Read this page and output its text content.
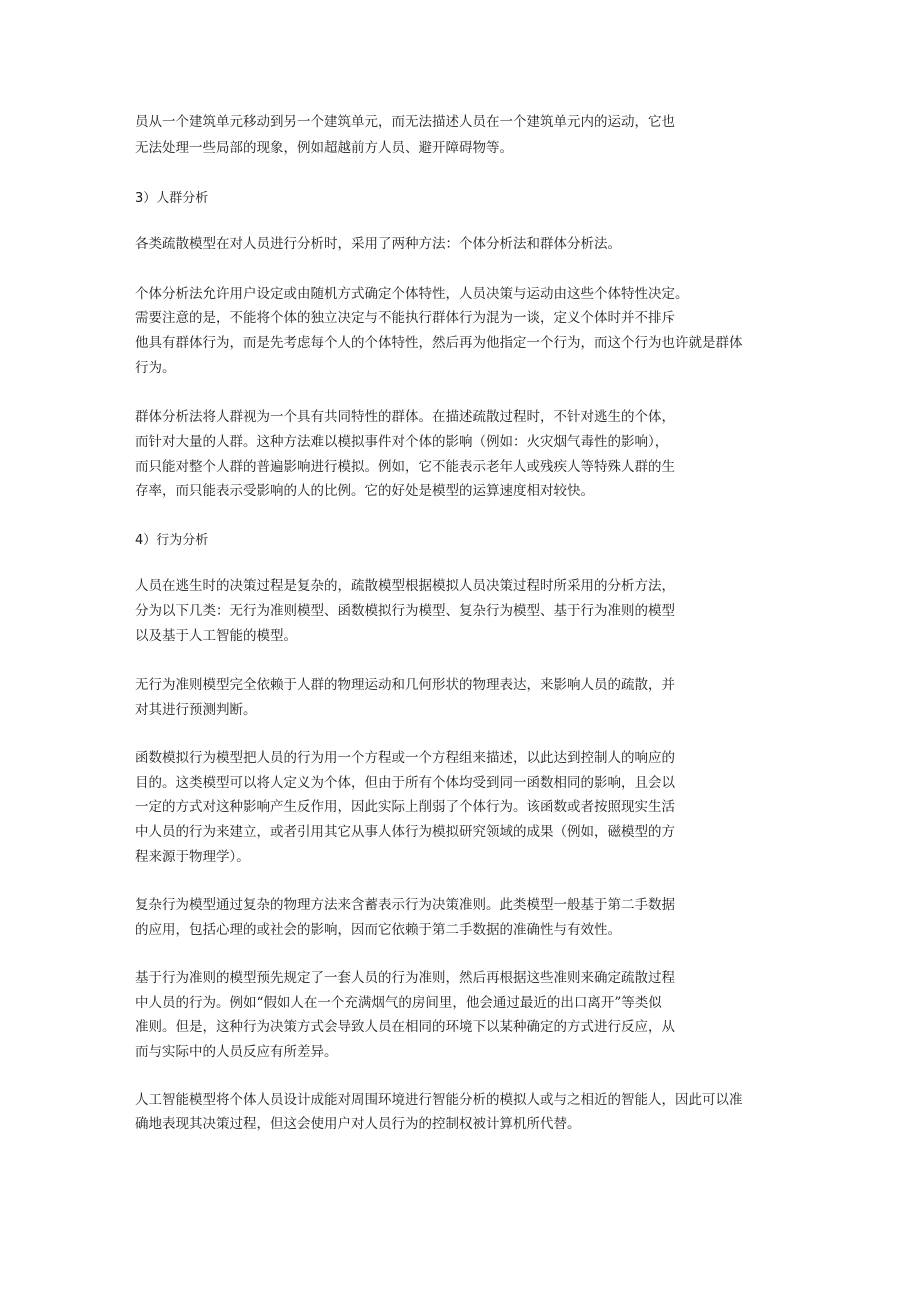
员从一个建筑单元移动到另一个建筑单元，而无法描述人员在一个建筑单元内的运动，它也
无法处理一些局部的现象，例如超越前方人员、避开障碍物等。
3）人群分析
各类疏散模型在对人员进行分析时，采用了两种方法：个体分析法和群体分析法。
个体分析法允许用户设定或由随机方式确定个体特性，人员决策与运动由这些个体特性决定。
需要注意的是，不能将个体的独立决定与不能执行群体行为混为一谈，定义个体时并不排斥
他具有群体行为，而是先考虑每个人的个体特性，然后再为他指定一个行为，而这个行为也许就是群体
行为。
群体分析法将人群视为一个具有共同特性的群体。在描述疏散过程时，不针对逃生的个体，
而针对大量的人群。这种方法难以模拟事件对个体的影响（例如：火灾烟气毒性的影响），
而只能对整个人群的普遍影响进行模拟。例如，它不能表示老年人或残疾人等特殊人群的生
存率，而只能表示受影响的人的比例。它的好处是模型的运算速度相对较快。
4）行为分析
人员在逃生时的决策过程是复杂的，疏散模型根据模拟人员决策过程时所采用的分析方法，
分为以下几类：无行为准则模型、函数模拟行为模型、复杂行为模型、基于行为准则的模型
以及基于人工智能的模型。
无行为准则模型完全依赖于人群的物理运动和几何形状的物理表达，来影响人员的疏散，并
对其进行预测判断。
函数模拟行为模型把人员的行为用一个方程或一个方程组来描述，以此达到控制人的响应的
目的。这类模型可以将人定义为个体，但由于所有个体均受到同一函数相同的影响，且会以
一定的方式对这种影响产生反作用，因此实际上削弱了个体行为。该函数或者按照现实生活
中人员的行为来建立，或者引用其它从事人体行为模拟研究领域的成果（例如，磁模型的方
程来源于物理学）。
复杂行为模型通过复杂的物理方法来含蓄表示行为决策准则。此类模型一般基于第二手数据
的应用，包括心理的或社会的影响，因而它依赖于第二手数据的准确性与有效性。
基于行为准则的模型预先规定了一套人员的行为准则，然后再根据这些准则来确定疏散过程
中人员的行为。例如“假如人在一个充满烟气的房间里，他会通过最近的出口离开”等类似
准则。但是，这种行为决策方式会导致人员在相同的环境下以某种确定的方式进行反应，从
而与实际中的人员反应有所差异。
人工智能模型将个体人员设计成能对周围环境进行智能分析的模拟人或与之相近的智能人，因此可以准
确地表现其决策过程，但这会使用户对人员行为的控制权被计算机所代替。
